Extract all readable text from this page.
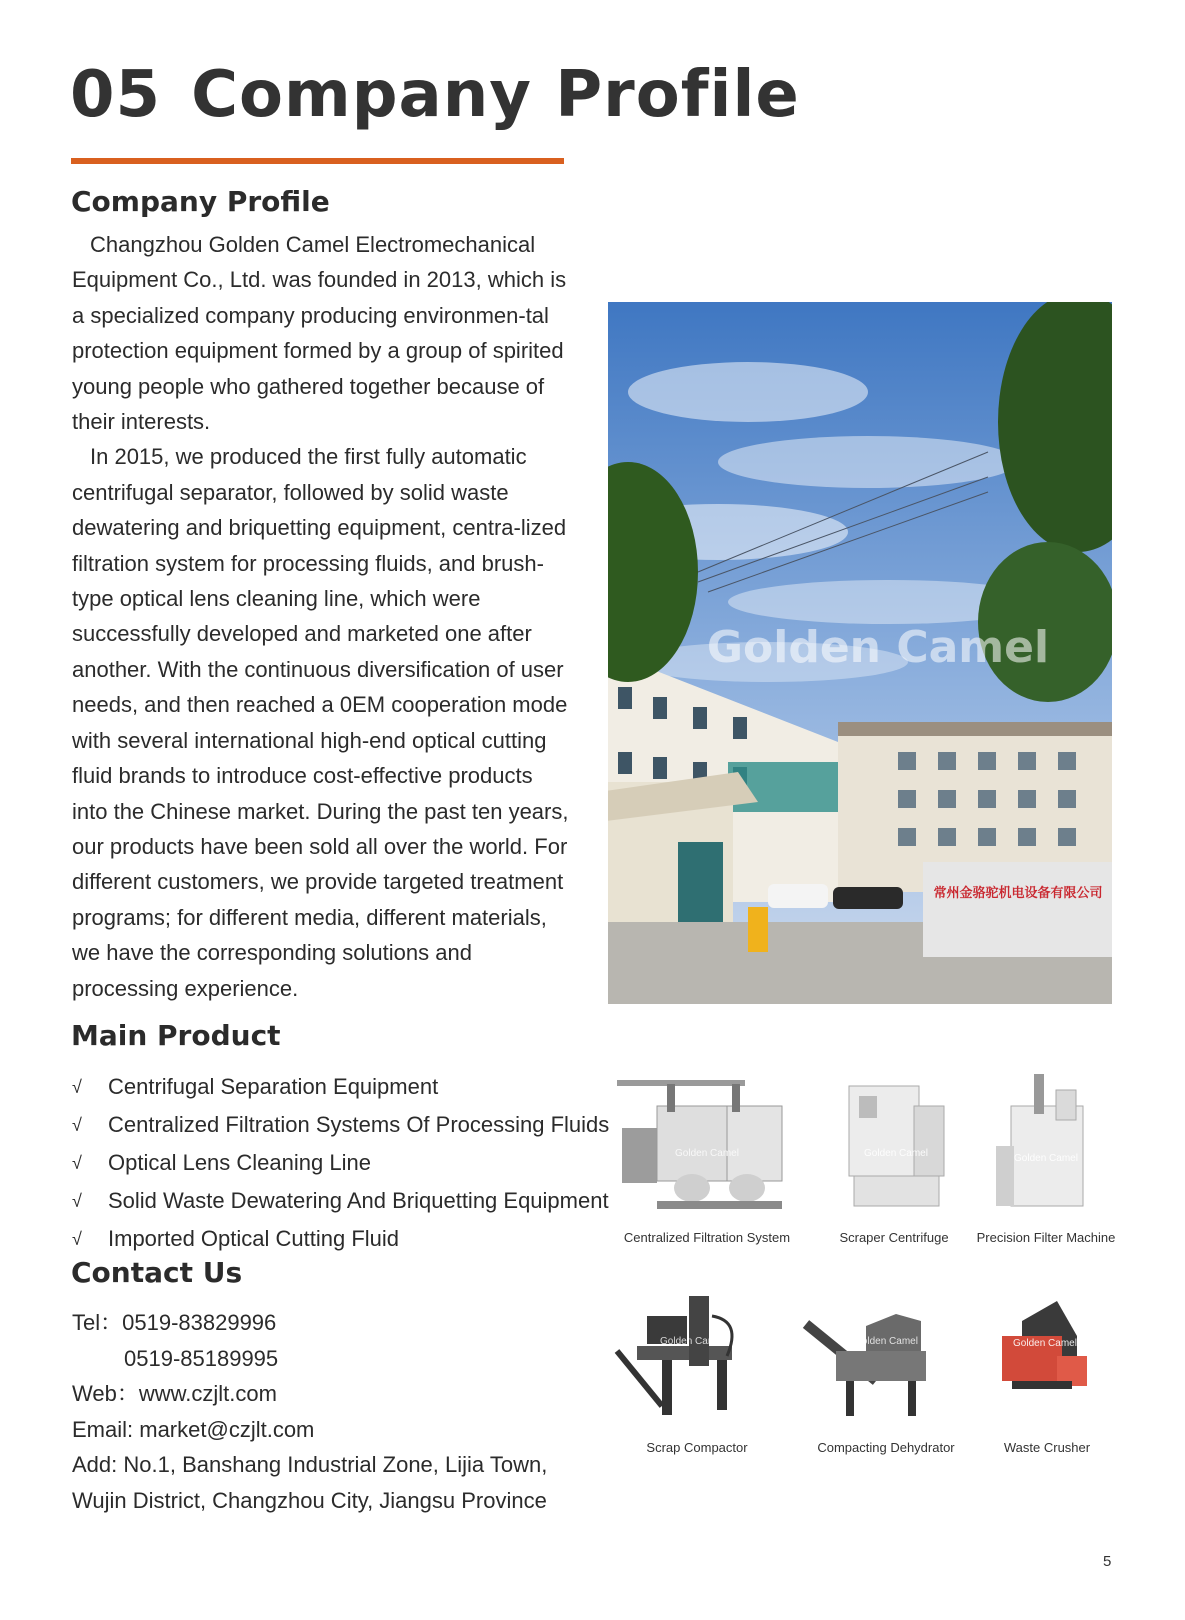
05 Company Profile
Company Profile

Changzhou Golden Camel Electromechanical Equipment Co., Ltd. was founded in 2013, which is a specialized company producing environmen-tal protection equipment formed by a group of spirited young people who gathered together because of their interests.

In 2015, we produced the first fully automatic centrifugal separator, followed by solid waste dewatering and briquetting equipment, centra-lized filtration system for processing fluids, and brush-type optical lens cleaning line, which were successfully developed and marketed one after another. With the continuous diversification of user needs, and then reached a 0EM cooperation mode with several international high-end optical cutting fluid brands to introduce cost-effective products into the Chinese market. During the past ten years, our products have been sold all over the world. For different customers, we provide targeted treatment programs; for different media, different materials, we have the corresponding solutions and processing experience.

常州金骆驼机电设备有限公司
Golden Camel
Main Product
√	Centrifugal Separation Equipment
√	Centralized Filtration Systems Of Processing Fluids
√	Optical Lens Cleaning Line
√	Solid Waste Dewatering And Briquetting Equipment
√	Imported Optical Cutting Fluid
Golden Camel
Centralized Filtration System
Golden Camel
Scraper Centrifuge
Golden Camel
Precision Filter Machine
Golden Camel
Scrap Compactor
Golden Camel
Compacting Dehydrator
Golden Camel
Waste Crusher
Contact Us
Tel：0519-83829996
0519-85189995
Web：www.czjlt.com
Email: market@czjlt.com
Add: No.1, Banshang Industrial Zone, Lijia Town,
Wujin District, Changzhou City, Jiangsu Province
5
